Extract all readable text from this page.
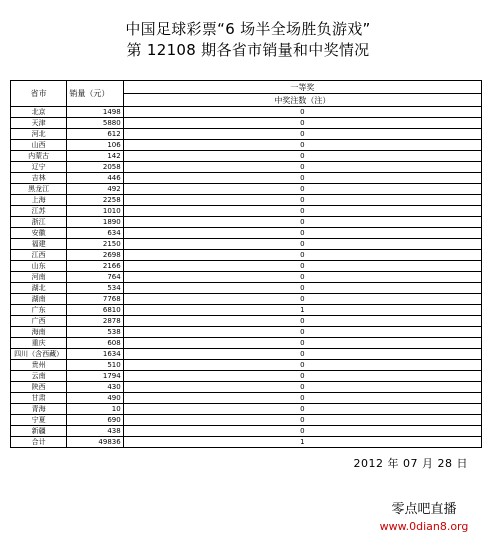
中国足球彩票“6 场半全场胜负游戏”
第 12108 期各省市销量和中奖情况
省市	销量（元）	一等奖
		中奖注数（注）
北京	1498	0
天津	5880	0
河北	612	0
山西	106	0
内蒙古	142	0
辽宁	2058	0
吉林	446	0
黑龙江	492	0
上海	2258	0
江苏	1010	0
浙江	1890	0
安徽	634	0
福建	2150	0
江西	2698	0
山东	2166	0
河南	764	0
湖北	534	0
湖南	7768	0
广东	6810	1
广西	2878	0
海南	538	0
重庆	608	0
四川（含西藏）	1634	0
贵州	510	0
云南	1794	0
陕西	430	0
甘肃	490	0
青海	10	0
宁夏	690	0
新疆	438	0
合计	49836	1
2012 年 07 月 28 日
零点吧直播
www.0dian8.org
